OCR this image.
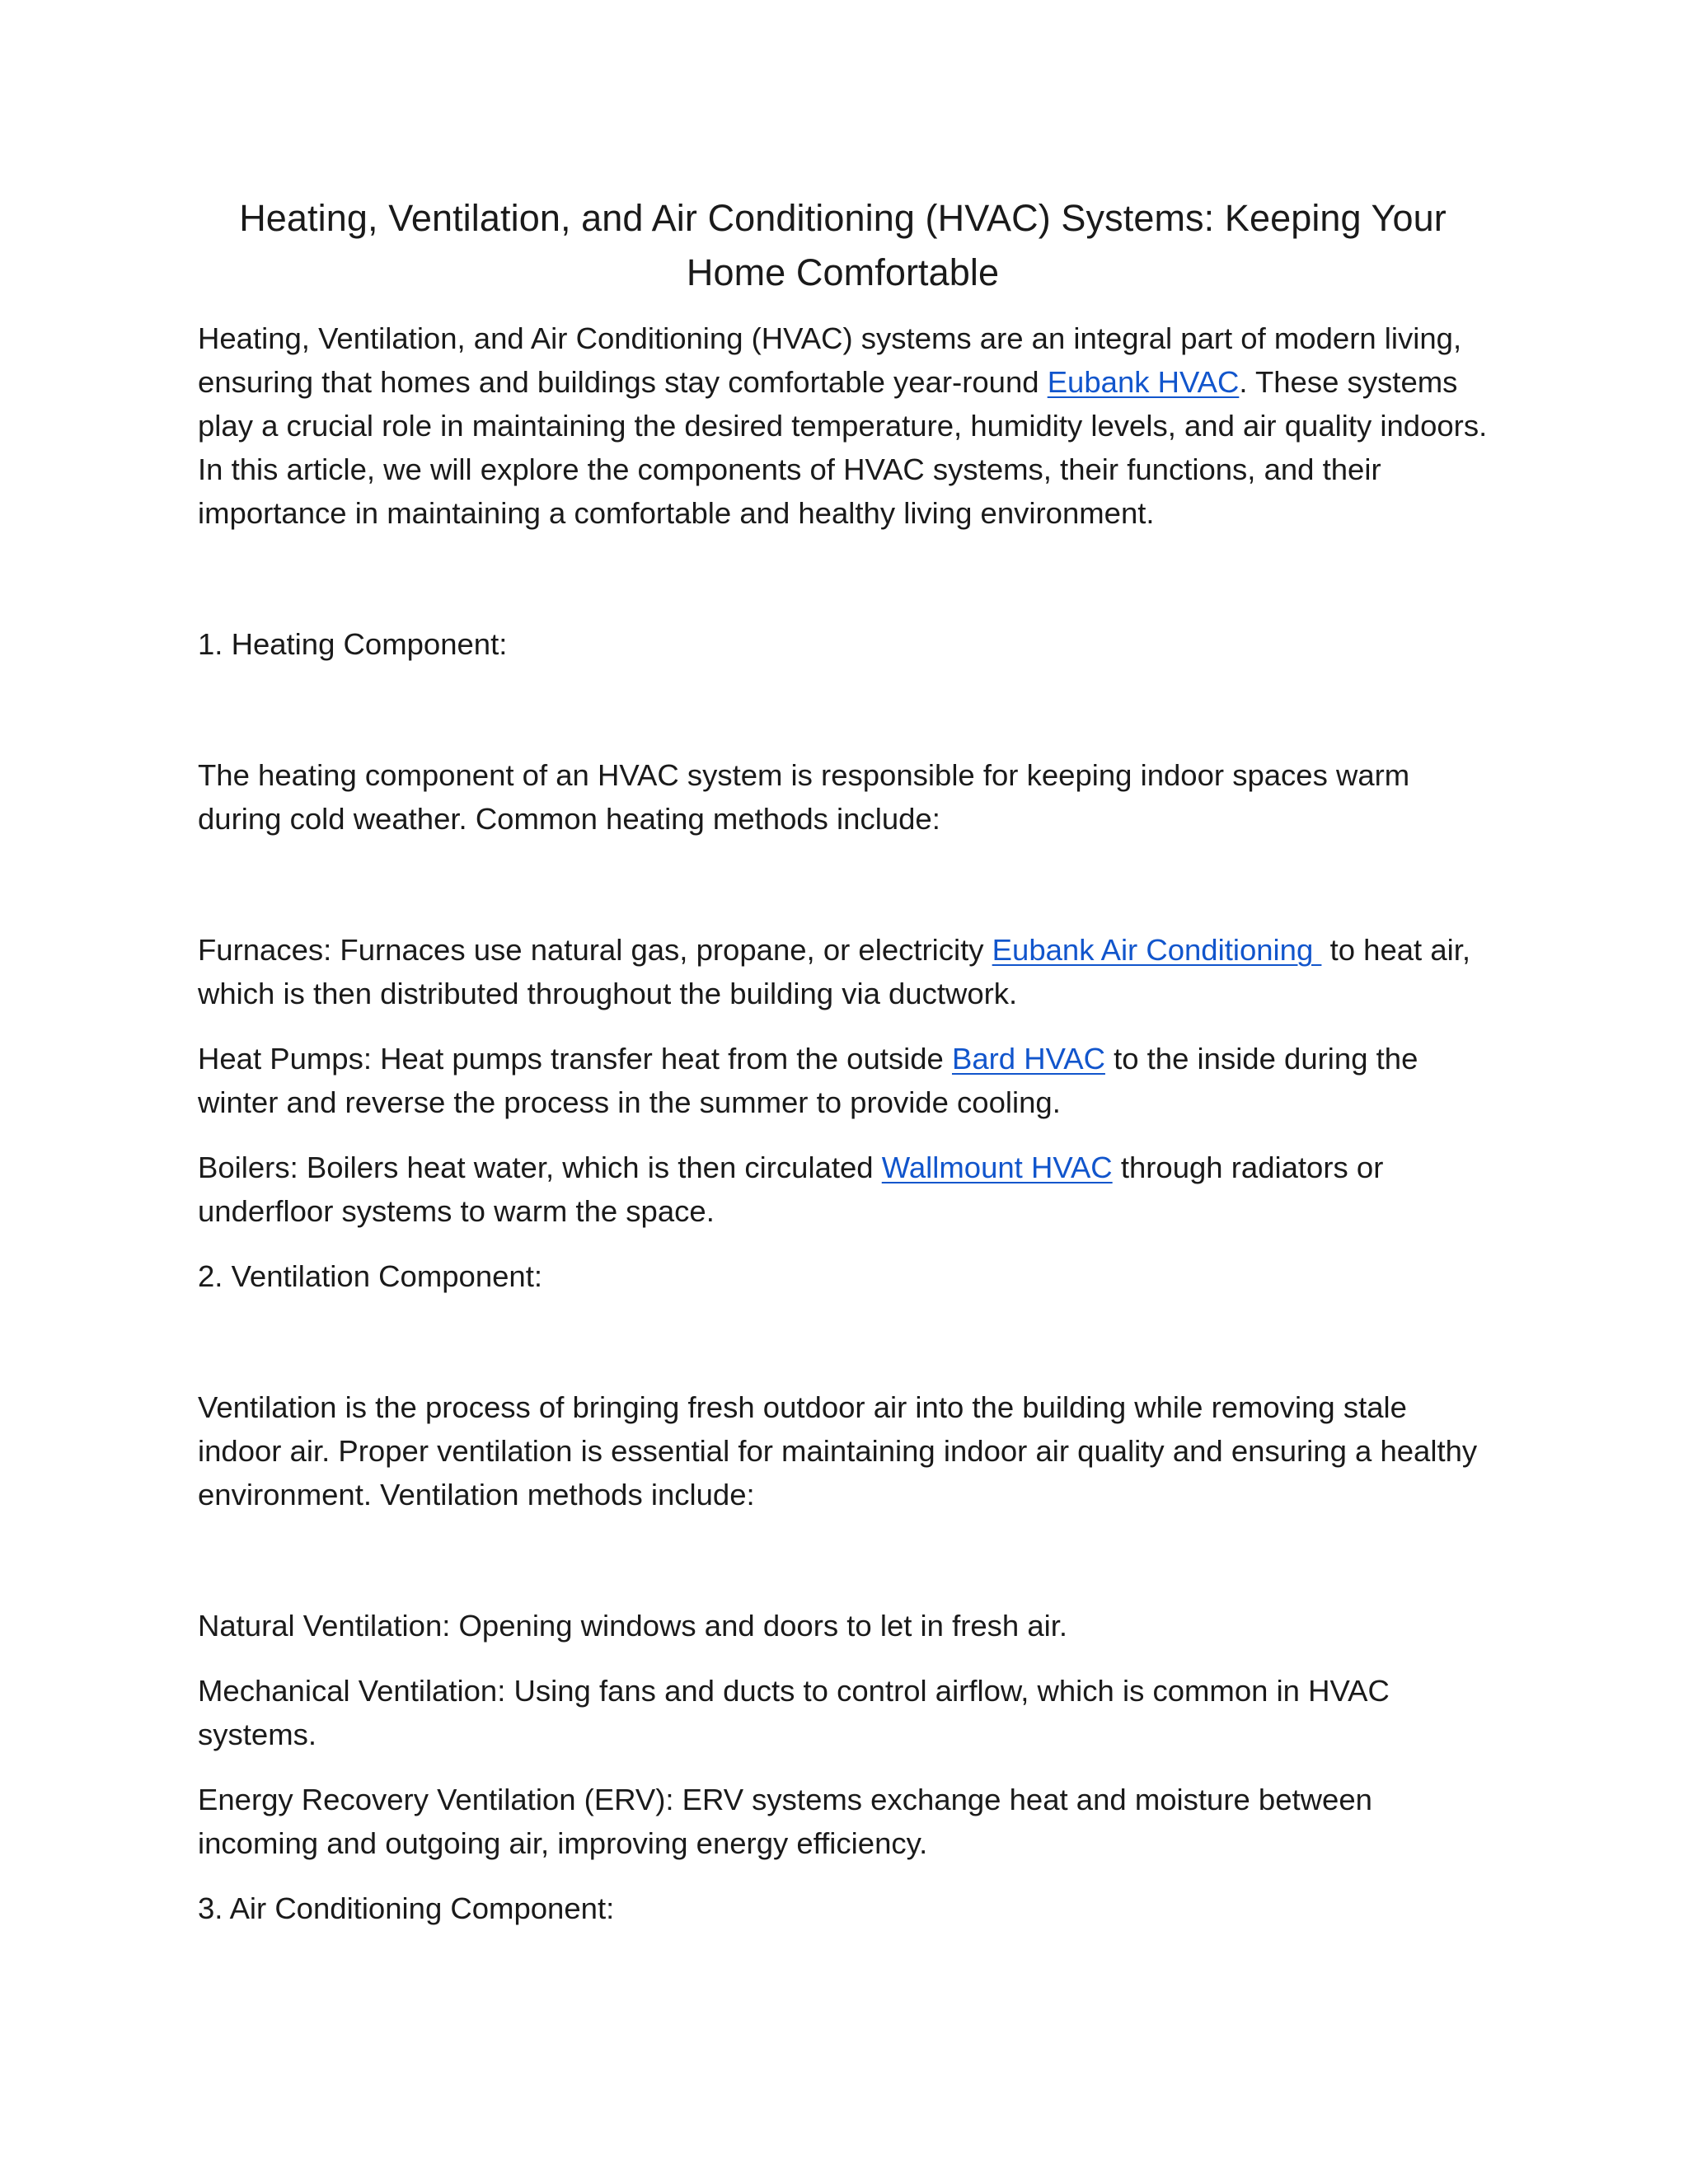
Heating, Ventilation, and Air Conditioning (HVAC) Systems: Keeping Your Home Comfortable

Heating, Ventilation, and Air Conditioning (HVAC) systems are an integral part of modern living, ensuring that homes and buildings stay comfortable year-round Eubank HVAC. These systems play a crucial role in maintaining the desired temperature, humidity levels, and air quality indoors. In this article, we will explore the components of HVAC systems, their functions, and their importance in maintaining a comfortable and healthy living environment.

1. Heating Component:

The heating component of an HVAC system is responsible for keeping indoor spaces warm during cold weather. Common heating methods include:

Furnaces: Furnaces use natural gas, propane, or electricity Eubank Air Conditioning  to heat air, which is then distributed throughout the building via ductwork.

Heat Pumps: Heat pumps transfer heat from the outside Bard HVAC to the inside during the winter and reverse the process in the summer to provide cooling.

Boilers: Boilers heat water, which is then circulated Wallmount HVAC through radiators or underfloor systems to warm the space.

2. Ventilation Component:

Ventilation is the process of bringing fresh outdoor air into the building while removing stale indoor air. Proper ventilation is essential for maintaining indoor air quality and ensuring a healthy environment. Ventilation methods include:

Natural Ventilation: Opening windows and doors to let in fresh air.

Mechanical Ventilation: Using fans and ducts to control airflow, which is common in HVAC systems.

Energy Recovery Ventilation (ERV): ERV systems exchange heat and moisture between incoming and outgoing air, improving energy efficiency.

3. Air Conditioning Component:
